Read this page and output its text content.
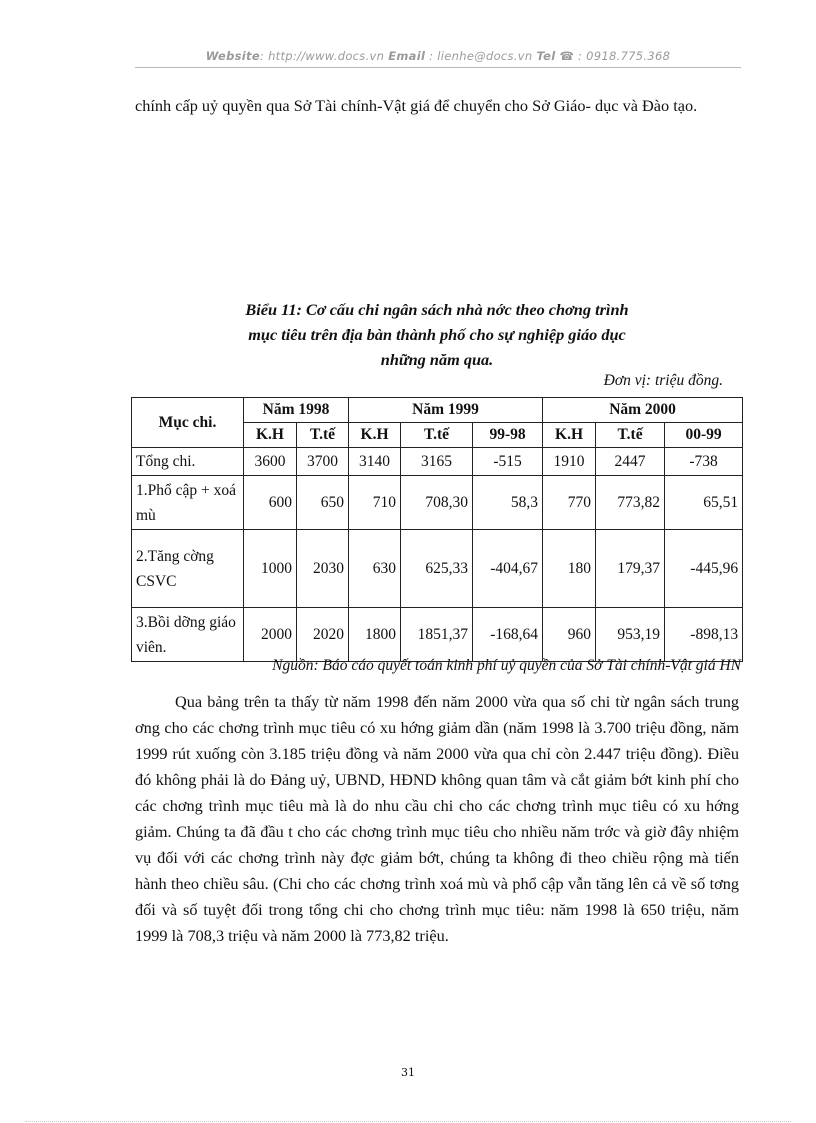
Website: http://www.docs.vn Email : lienhe@docs.vn Tel ☎ : 0918.775.368

chính cấp uỷ quyền qua Sở Tài chính-Vật giá để chuyển cho Sở Giáo- dục và Đào tạo.

Biểu 11: Cơ cấu chi ngân sách nhà nớc theo chơng trình
mục tiêu trên địa bàn thành phố cho sự nghiệp giáo dục
những năm qua.

Đơn vị: triệu đồng.

Mục chi.	Năm 1998		Năm 1999			Năm 2000		
	K.H	T.tế	K.H	T.tế	99-98	K.H	T.tế	00-99
Tổng chi.	3600	3700	3140	3165	-515	1910	2447	-738
1.Phổ cập + xoá mù	600	650	710	708,30	58,3	770	773,82	65,51
2.Tăng cờng CSVC	1000	2030	630	625,33	-404,67	180	179,37	-445,96
3.Bồi dỡng giáo viên.	2000	2020	1800	1851,37	-168,64	960	953,19	-898,13

Nguồn: Báo cáo quyết toán kinh phí uỷ quyền của Sở Tài chính-Vật giá HN

Qua bảng trên ta thấy từ năm 1998 đến năm 2000 vừa qua số chi từ ngân sách trung ơng cho các chơng trình mục tiêu có xu hớng giảm dần (năm 1998 là 3.700 triệu đồng, năm 1999 rút xuống còn 3.185 triệu đồng và năm 2000 vừa qua chỉ còn 2.447 triệu đồng). Điều đó không phải là do Đảng uỷ, UBND, HĐND không quan tâm và cắt giảm bớt kinh phí cho các chơng trình mục tiêu mà là do nhu cầu chi cho các chơng trình mục tiêu có xu hớng giảm. Chúng ta đã đầu t cho các chơng trình mục tiêu cho nhiều năm trớc và giờ đây nhiệm vụ đối với các chơng trình này đợc giảm bớt, chúng ta không đi theo chiều rộng mà tiến hành theo chiều sâu. (Chi cho các chơng trình xoá mù và phổ cập vẫn tăng lên cả về số tơng đối và số tuyệt đối trong tổng chi cho chơng trình mục tiêu: năm 1998 là 650 triệu, năm 1999 là 708,3 triệu và năm 2000 là 773,82 triệu.

31
